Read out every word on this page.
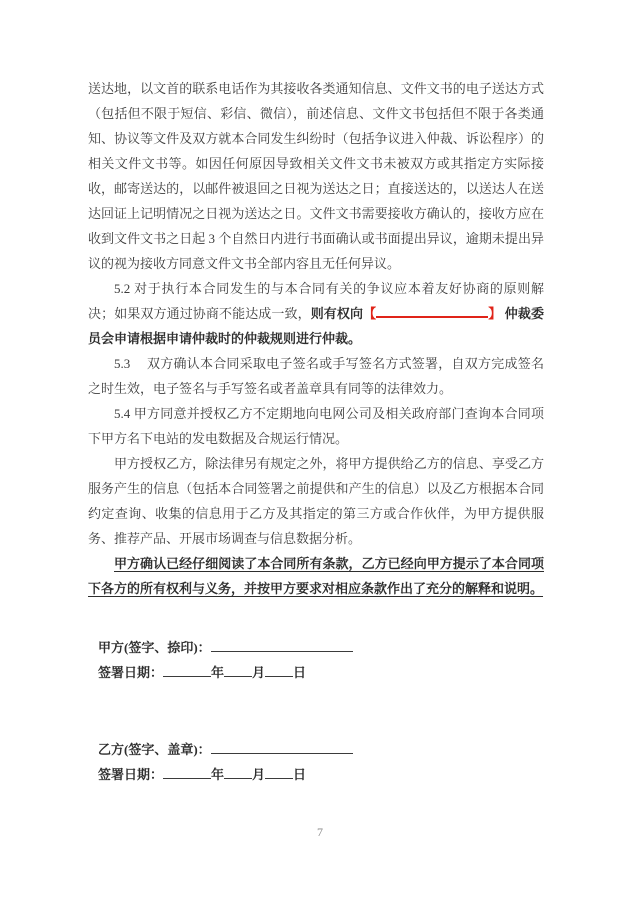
送达地，以文首的联系电话作为其接收各类通知信息、文件文书的电子送达方式（包括但不限于短信、彩信、微信），前述信息、文件文书包括但不限于各类通知、协议等文件及双方就本合同发生纠纷时（包括争议进入仲裁、诉讼程序）的相关文件文书等。如因任何原因导致相关文件文书未被双方或其指定方实际接收，邮寄送达的，以邮件被退回之日视为送达之日；直接送达的，以送达人在送达回证上记明情况之日视为送达之日。文件文书需要接收方确认的，接收方应在收到文件文书之日起 3 个自然日内进行书面确认或书面提出异议，逾期未提出异议的视为接收方同意文件文书全部内容且无任何异议。

5.2 对于执行本合同发生的与本合同有关的争议应本着友好协商的原则解决；如果双方通过协商不能达成一致，则有权向【	】 仲裁委员会申请根据申请仲裁时的仲裁规则进行仲裁。

5.3 　双方确认本合同采取电子签名或手写签名方式签署，自双方完成签名之时生效，电子签名与手写签名或者盖章具有同等的法律效力。

5.4 甲方同意并授权乙方不定期地向电网公司及相关政府部门查询本合同项下甲方名下电站的发电数据及合规运行情况。

甲方授权乙方，除法律另有规定之外，将甲方提供给乙方的信息、享受乙方服务产生的信息（包括本合同签署之前提供和产生的信息）以及乙方根据本合同约定查询、收集的信息用于乙方及其指定的第三方或合作伙伴，为甲方提供服务、推荐产品、开展市场调查与信息数据分析。

甲方确认已经仔细阅读了本合同所有条款，乙方已经向甲方提示了本合同项下各方的所有权利与义务，并按甲方要求对相应条款作出了充分的解释和说明。

甲方(签字、捺印)：

签署日期：	年 月 日

乙方(签字、盖章)：

签署日期：	年 月 日

7
